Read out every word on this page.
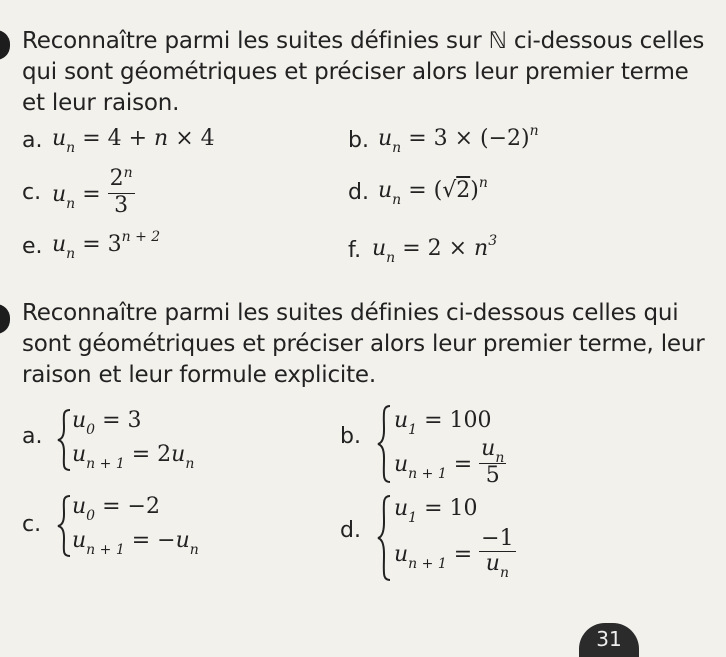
Reconnaître parmi les suites définies sur ℕ ci-dessous celles qui sont géométriques et préciser alors leur premier terme et leur raison.
a. $u_n = 4 + n \times 4$	b. $u_n = 3 \times (-2)^n$
c. $u_n = \frac{2^n}{3}$	d. $u_n = (√2)^n$
e. $u_n = 3^{n + 2}$
f. $u_n = 2 \times n^3$
Reconnaître parmi les suites définies ci-dessous celles qui sont géométriques et préciser alors leur premier terme, leur raison et leur formule explicite.
a.
$u_0 = 3$
$u_{n + 1} = 2u_n$
b.
$u_1 = 100$
$u_{n + 1} = \frac{u_n}{5}$
c.
$u_0 = -2$
$u_{n + 1} = -u_n$
d.
$u_1 = 10$
$u_{n + 1} = \frac{-1}{u_n}$
31
